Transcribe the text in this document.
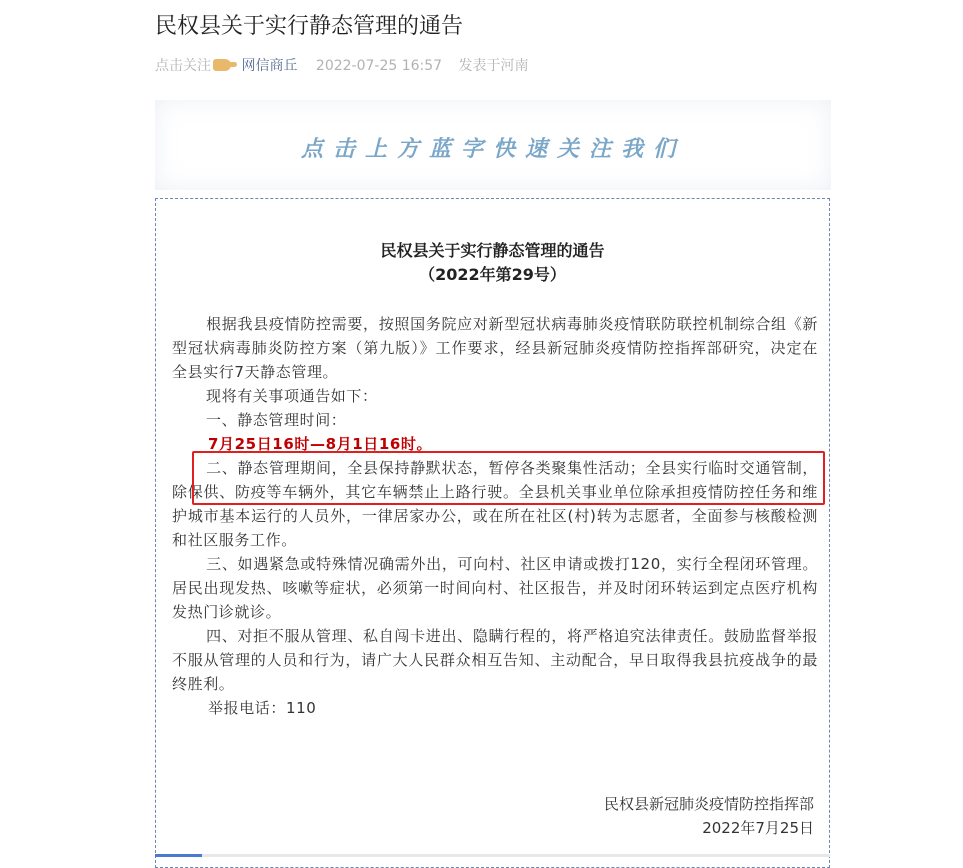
民权县关于实行静态管理的通告
点击关注 网信商丘 2022-07-25 16:57 发表于河南
点击上方蓝字快速关注我们
民权县关于实行静态管理的通告
（2022年第29号）
根据我县疫情防控需要，按照国务院应对新型冠状病毒肺炎疫情联防联控机制综合组《新型冠状病毒肺炎防控方案（第九版）》工作要求，经县新冠肺炎疫情防控指挥部研究，决定在全县实行7天静态管理。
现将有关事项通告如下：
一、静态管理时间：
7月25日16时—8月1日16时。
二、静态管理期间，全县保持静默状态，暂停各类聚集性活动；全县实行临时交通管制，除保供、防疫等车辆外，其它车辆禁止上路行驶。全县机关事业单位除承担疫情防控任务和维护城市基本运行的人员外，一律居家办公，或在所在社区(村)转为志愿者，全面参与核酸检测和社区服务工作。
三、如遇紧急或特殊情况确需外出，可向村、社区申请或拨打120，实行全程闭环管理。居民出现发热、咳嗽等症状，必须第一时间向村、社区报告，并及时闭环转运到定点医疗机构发热门诊就诊。
四、对拒不服从管理、私自闯卡进出、隐瞒行程的，将严格追究法律责任。鼓励监督举报不服从管理的人员和行为，请广大人民群众相互告知、主动配合，早日取得我县抗疫战争的最终胜利。
举报电话：110
民权县新冠肺炎疫情防控指挥部
2022年7月25日
